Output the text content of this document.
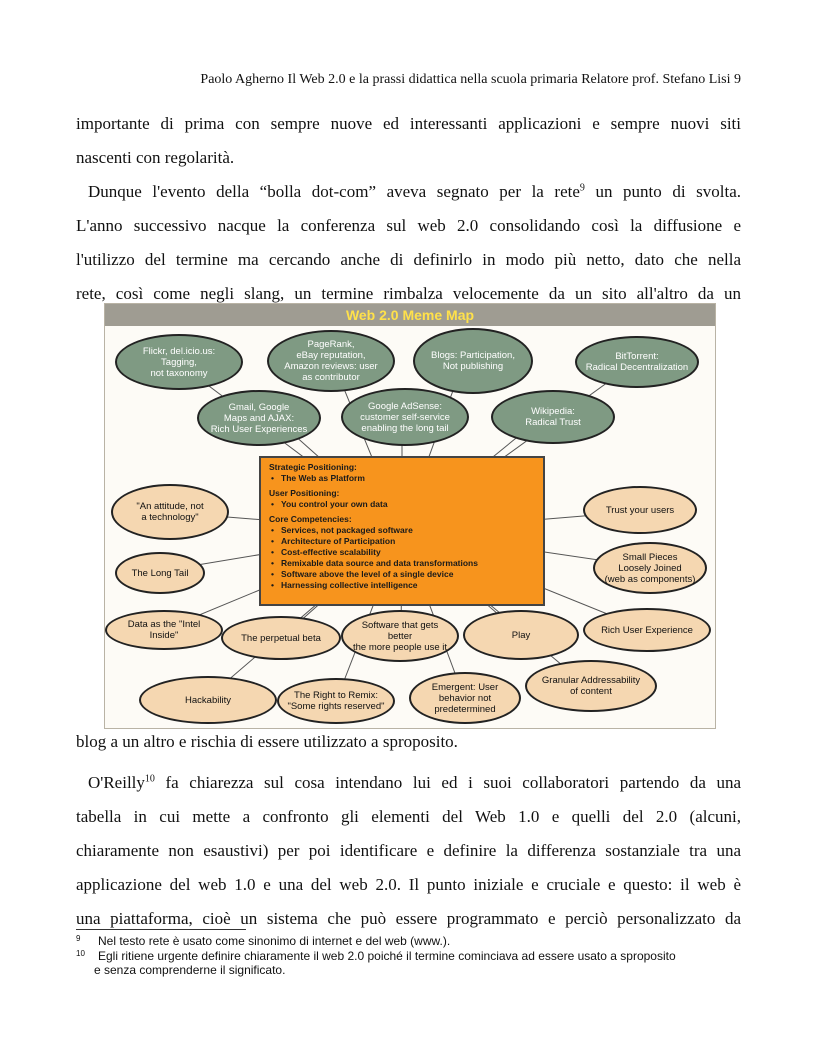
Paolo Agherno Il Web 2.0 e la prassi didattica nella scuola primaria Relatore prof. Stefano Lisi 9
importante di prima con sempre nuove ed interessanti applicazioni e sempre nuovi siti
nascenti con regolarità.
Dunque l'evento della “bolla dot-com” aveva segnato per la rete$^9$ un punto di svolta.
L'anno successivo nacque la conferenza sul web 2.0 consolidando così la diffusione e
l'utilizzo del termine ma cercando anche di definirlo in modo più netto, dato che nella
rete, così come negli slang, un termine rimbalza velocemente da un sito all'altro da un
Web 2.0 Meme Map
Flickr, del.icio.us:
Tagging,
not taxonomy
PageRank,
eBay reputation,
Amazon reviews: user
as contributor
Blogs: Participation,
Not publishing
BitTorrent:
Radical Decentralization
Gmail, Google
Maps and AJAX:
Rich User Experiences
Google AdSense:
customer self-service
enabling the long tail
Wikipedia:
Radical Trust
Strategic Positioning:
• The Web as Platform
User Positioning:
• You control your own data
Core Competencies:
• Services, not packaged software
• Architecture of Participation
• Cost-effective scalability
• Remixable data source and data transformations
• Software above the level of a single device
• Harnessing collective intelligence
"An attitude, not
a technology"
The Long Tail
Data as the "Intel Inside"	The perpetual beta
Software that gets
better
the more people use it
Play
Trust your users
Small Pieces
Loosely Joined
(web as components)
Rich User Experience
Hackability	The Right to Remix:
"Some rights reserved"
Emergent: User
behavior not
predetermined
Granular Addressability
of content
blog a un altro e rischia di essere utilizzato a sproposito.
O'Reilly$^{10}$ fa chiarezza sul cosa intendano lui ed i suoi collaboratori partendo da una
tabella in cui mette a confronto gli elementi del Web 1.0 e quelli del 2.0 (alcuni,
chiaramente non esaustivi) per poi identificare e definire la differenza sostanziale tra una
applicazione del web 1.0 e una del web 2.0. Il punto iniziale e cruciale e questo: il web è
una piattaforma, cioè un sistema che può essere programmato e perciò personalizzato da
9 Nel testo rete è usato come sinonimo di internet e del web (www.).
10 Egli ritiene urgente definire chiaramente il web 2.0 poiché il termine cominciava ad essere usato a sproposito
e senza comprenderne il significato.
